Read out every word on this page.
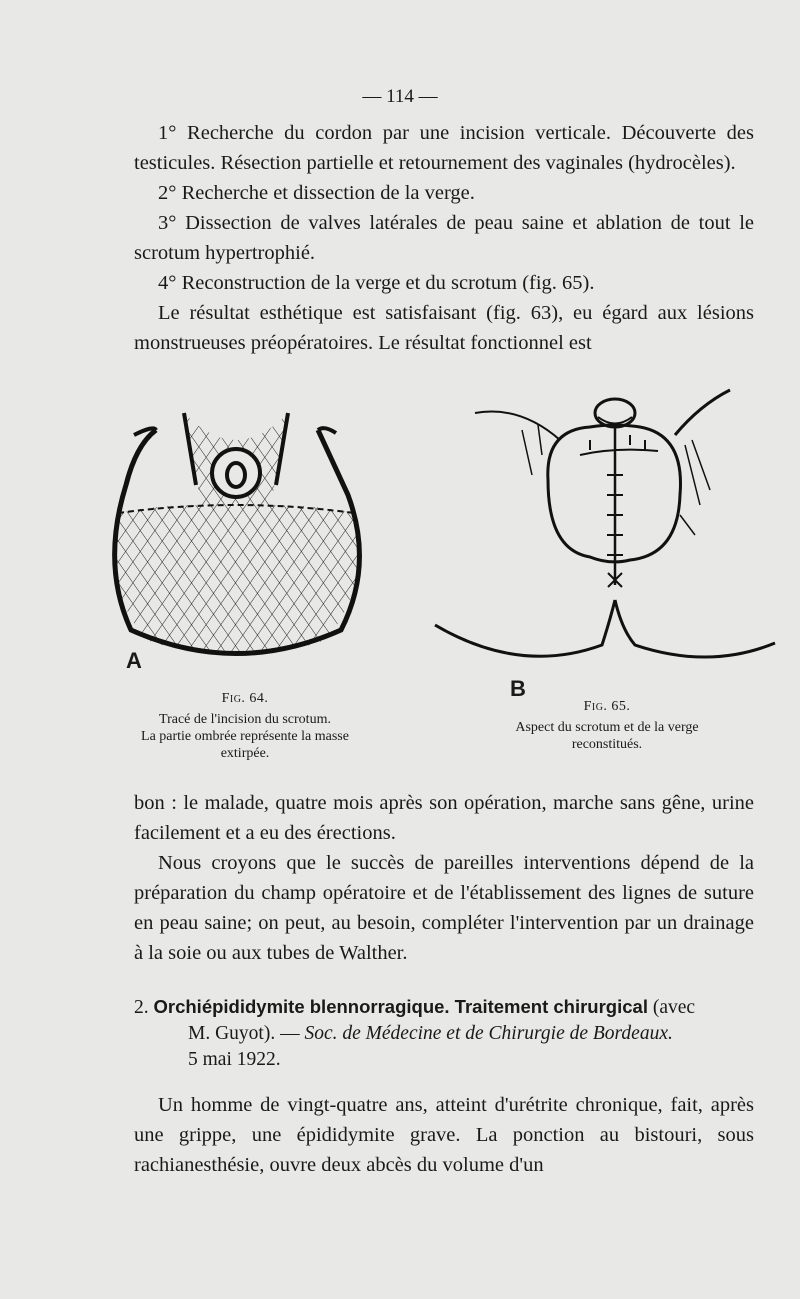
— 114 —

1° Recherche du cordon par une incision verticale. Découverte des testicules. Résection partielle et retournement des vaginales (hydrocèles).

2° Recherche et dissection de la verge.

3° Dissection de valves latérales de peau saine et ablation de tout le scrotum hypertrophié.

4° Reconstruction de la verge et du scrotum (fig. 65).

Le résultat esthétique est satisfaisant (fig. 63), eu égard aux lésions monstrueuses préopératoires. Le résultat fonctionnel est

A
Fig. 64.
Tracé de l'incision du scrotum.
La partie ombrée représente la masse
extirpée.
B
Fig. 65.
Aspect du scrotum et de la verge
reconstitués.

bon : le malade, quatre mois après son opération, marche sans gêne, urine facilement et a eu des érections.

Nous croyons que le succès de pareilles interventions dépend de la préparation du champ opératoire et de l'établissement des lignes de suture en peau saine; on peut, au besoin, compléter l'intervention par un drainage à la soie ou aux tubes de Walther.

2. Orchiépididymite blennorragique. Traitement chirurgical (avec
M. Guyot). — Soc. de Médecine et de Chirurgie de Bordeaux.
5 mai 1922.

Un homme de vingt-quatre ans, atteint d'urétrite chronique, fait, après une grippe, une épididymite grave. La ponction au bistouri, sous rachianesthésie, ouvre deux abcès du volume d'un
